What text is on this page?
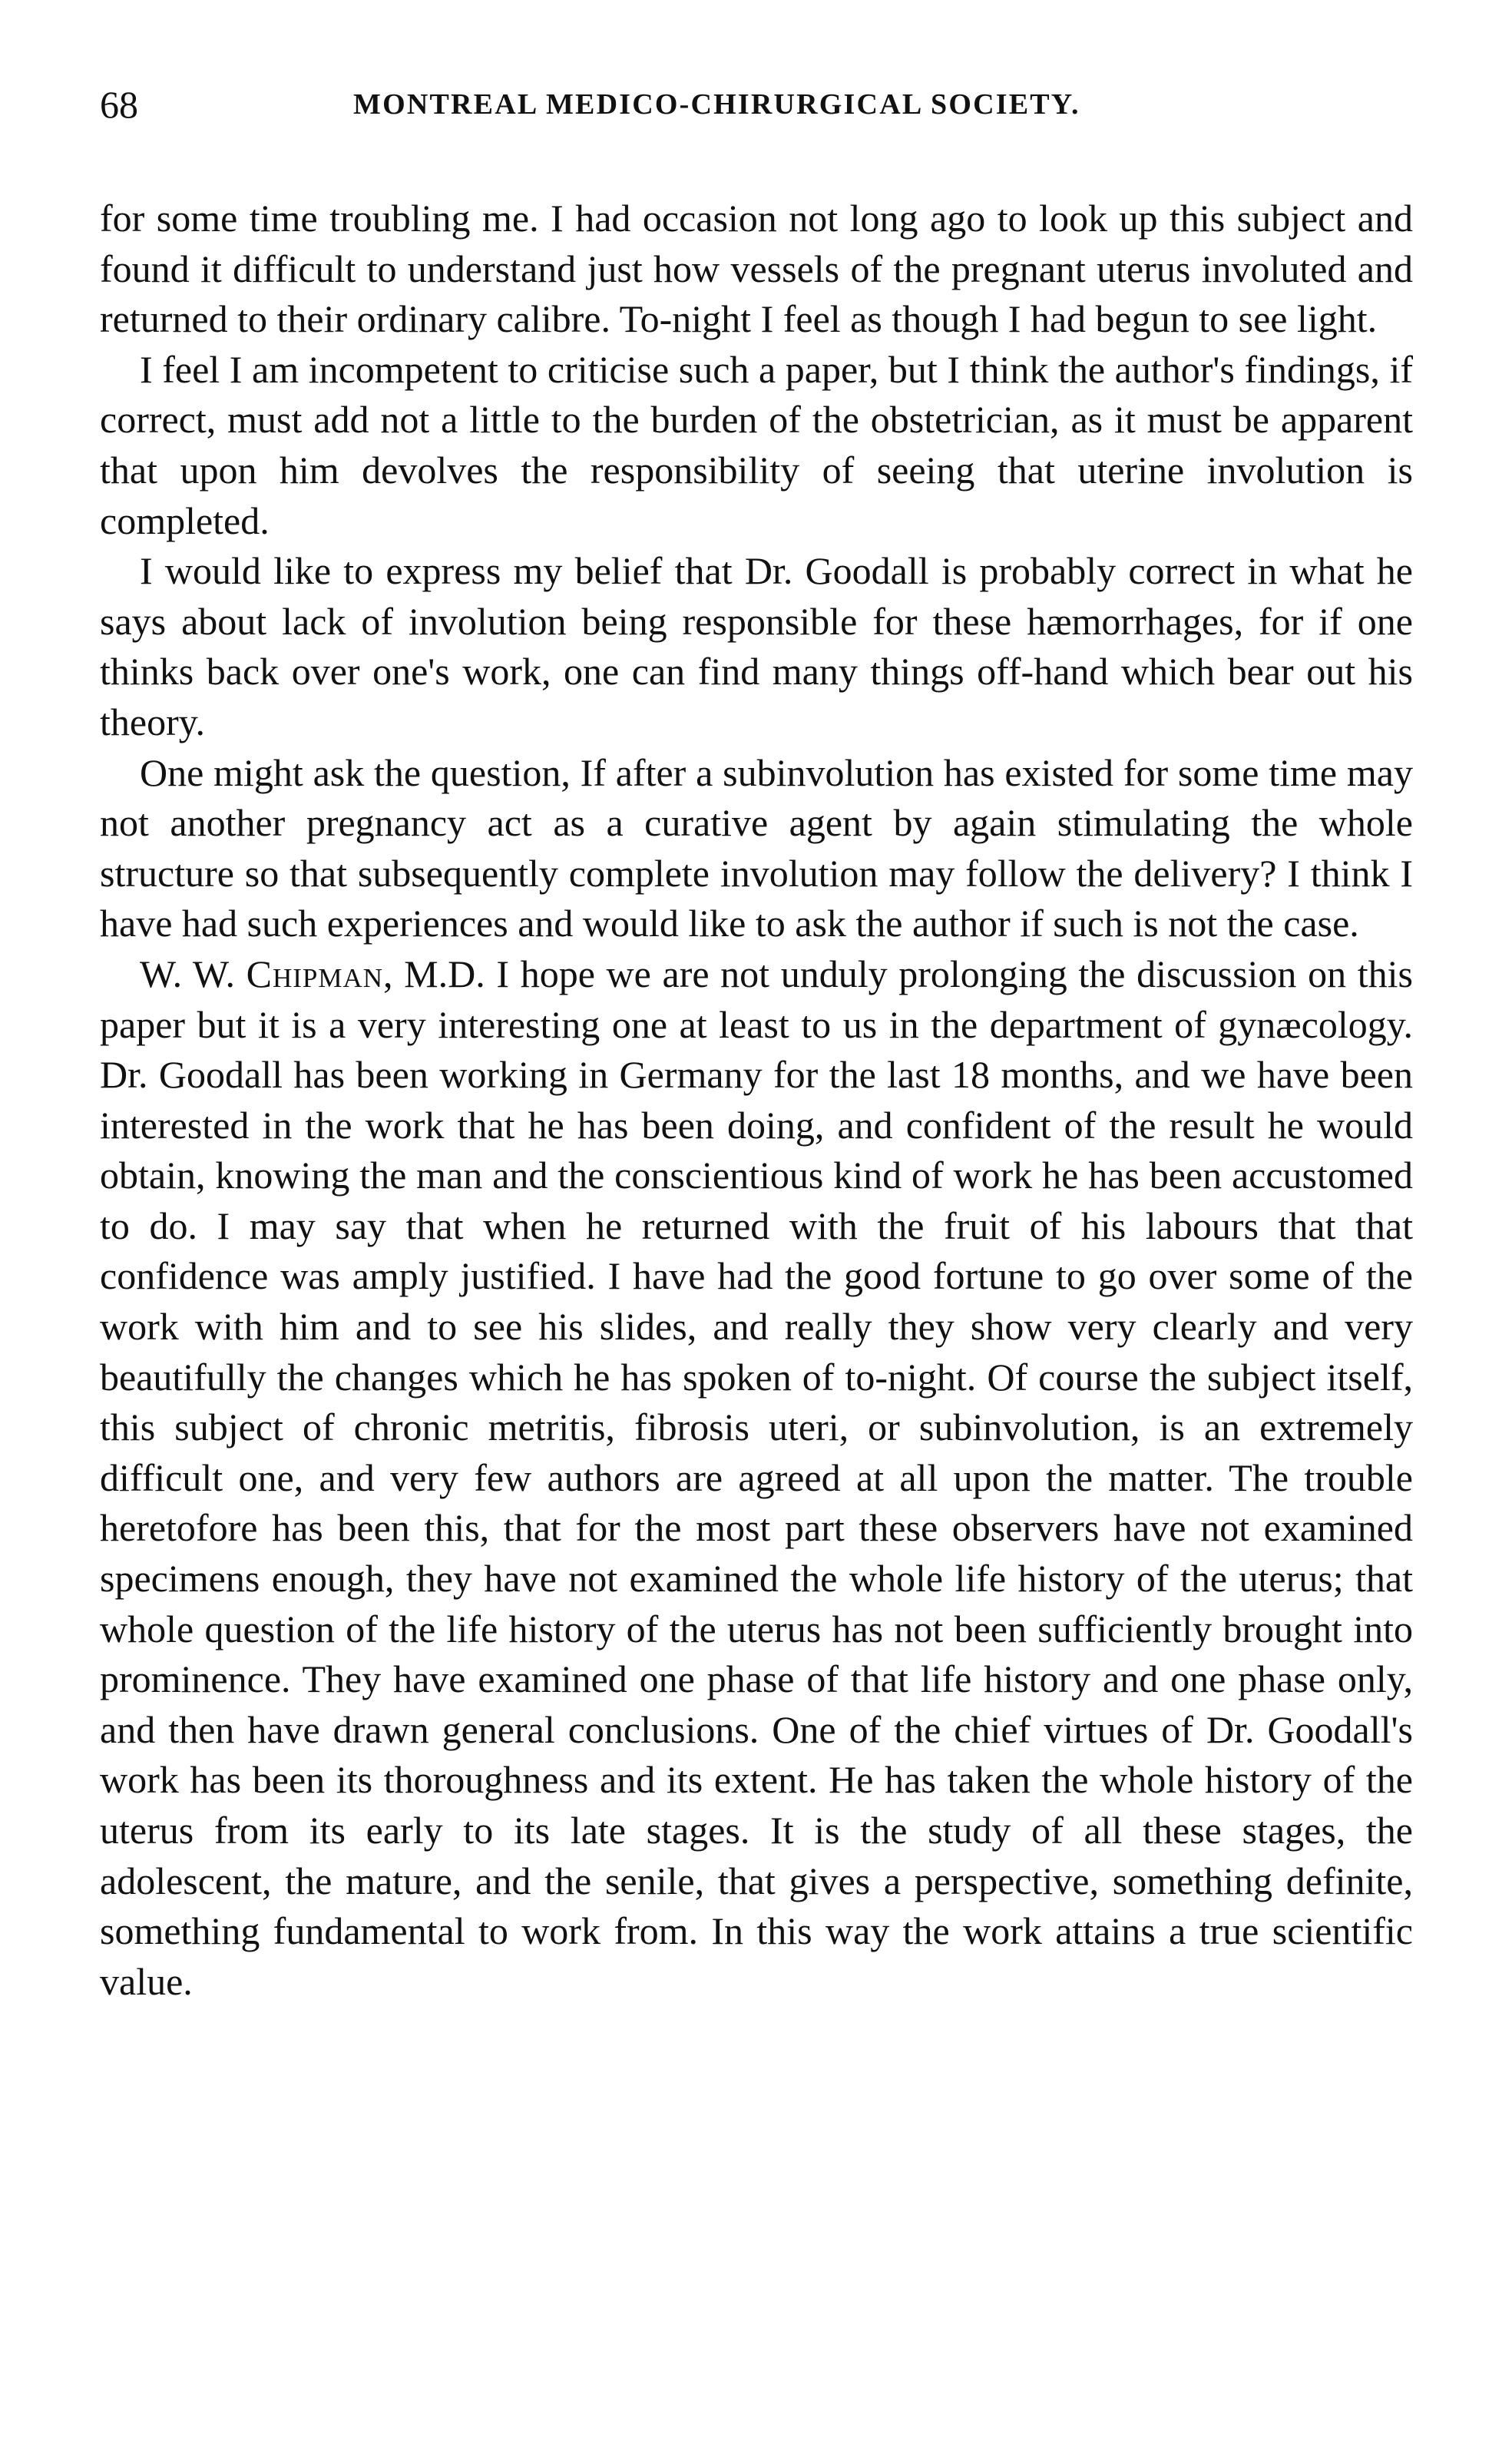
68	MONTREAL MEDICO-CHIRURGICAL SOCIETY.

for some time troubling me. I had occasion not long ago to look up this subject and found it difficult to understand just how vessels of the pregnant uterus involuted and returned to their ordinary calibre. To-night I feel as though I had begun to see light.

I feel I am incompetent to criticise such a paper, but I think the author's findings, if correct, must add not a little to the burden of the obstetrician, as it must be apparent that upon him devolves the responsibility of seeing that uterine involution is completed.

I would like to express my belief that Dr. Goodall is probably correct in what he says about lack of involution being responsible for these hæmorrhages, for if one thinks back over one's work, one can find many things off-hand which bear out his theory.

One might ask the question, If after a subinvolution has existed for some time may not another pregnancy act as a curative agent by again stimulating the whole structure so that subsequently complete involution may follow the delivery? I think I have had such experiences and would like to ask the author if such is not the case.

W. W. Chipman, M.D. I hope we are not unduly prolonging the discussion on this paper but it is a very interesting one at least to us in the department of gynæcology. Dr. Goodall has been working in Germany for the last 18 months, and we have been interested in the work that he has been doing, and confident of the result he would obtain, knowing the man and the conscientious kind of work he has been accustomed to do. I may say that when he returned with the fruit of his labours that that confidence was amply justified. I have had the good fortune to go over some of the work with him and to see his slides, and really they show very clearly and very beautifully the changes which he has spoken of to-night. Of course the subject itself, this subject of chronic metritis, fibrosis uteri, or subinvolution, is an extremely difficult one, and very few authors are agreed at all upon the matter. The trouble heretofore has been this, that for the most part these observers have not examined specimens enough, they have not examined the whole life history of the uterus; that whole question of the life history of the uterus has not been sufficiently brought into prominence. They have examined one phase of that life history and one phase only, and then have drawn general conclusions. One of the chief virtues of Dr. Goodall's work has been its thoroughness and its extent. He has taken the whole history of the uterus from its early to its late stages. It is the study of all these stages, the adolescent, the mature, and the senile, that gives a perspective, something definite, something fundamental to work from. In this way the work attains a true scientific value.
